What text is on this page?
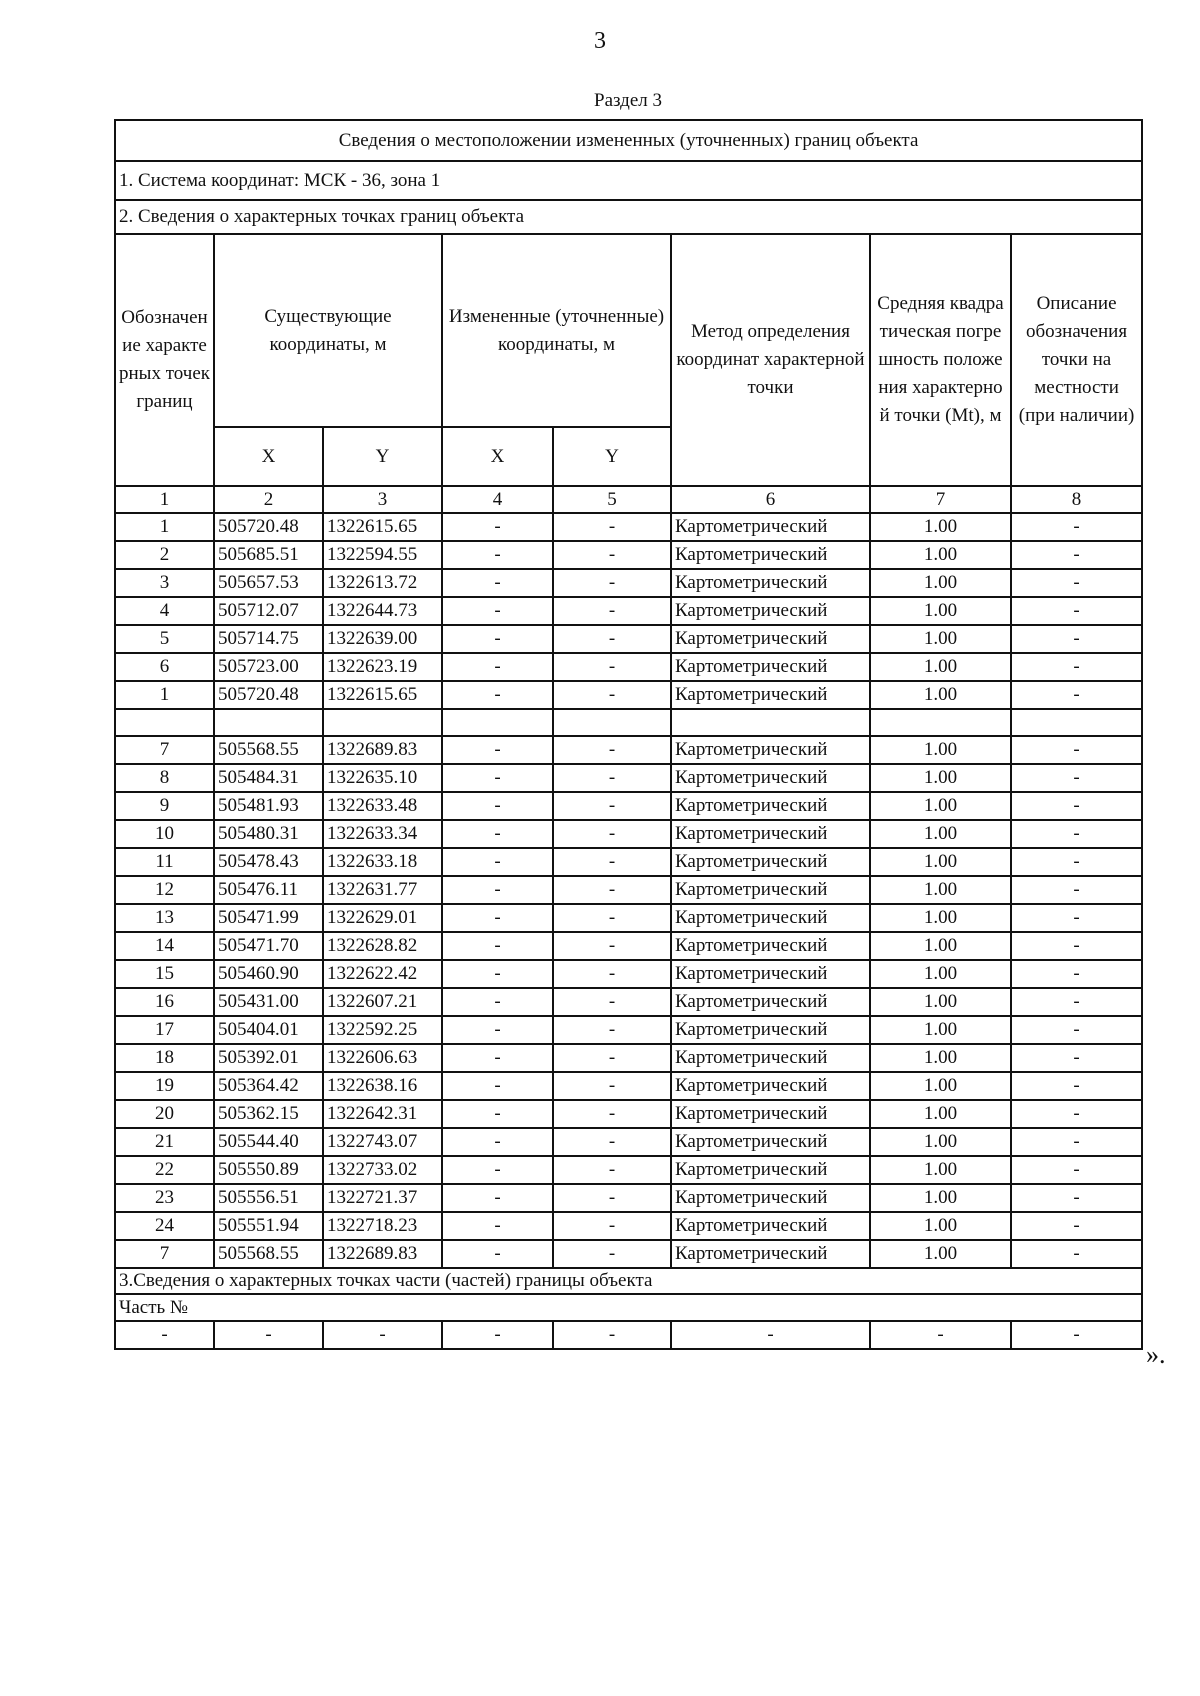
3
Раздел 3
Сведения о местоположении измененных (уточненных) границ объекта							
1. Система координат: МСК - 36, зона 1							
2. Сведения о характерных точках границ объекта							
Обозначение характерных точек границ	Существующие координаты, м		Измененные (уточненные) координаты, м		Метод определения координат характерной точки	Средняя квадратическая погрешность положения характерной точки (Mt), м	Описание обозначения точки на местности (при наличии)
	X	Y	X	Y			
1	2	3	4	5	6	7	8
1	505720.48	1322615.65	-	-	Картометрический	1.00	-
2	505685.51	1322594.55	-	-	Картометрический	1.00	-
3	505657.53	1322613.72	-	-	Картометрический	1.00	-
4	505712.07	1322644.73	-	-	Картометрический	1.00	-
5	505714.75	1322639.00	-	-	Картометрический	1.00	-
6	505723.00	1322623.19	-	-	Картометрический	1.00	-
1	505720.48	1322615.65	-	-	Картометрический	1.00	-

7	505568.55	1322689.83	-	-	Картометрический	1.00	-
8	505484.31	1322635.10	-	-	Картометрический	1.00	-
9	505481.93	1322633.48	-	-	Картометрический	1.00	-
10	505480.31	1322633.34	-	-	Картометрический	1.00	-
11	505478.43	1322633.18	-	-	Картометрический	1.00	-
12	505476.11	1322631.77	-	-	Картометрический	1.00	-
13	505471.99	1322629.01	-	-	Картометрический	1.00	-
14	505471.70	1322628.82	-	-	Картометрический	1.00	-
15	505460.90	1322622.42	-	-	Картометрический	1.00	-
16	505431.00	1322607.21	-	-	Картометрический	1.00	-
17	505404.01	1322592.25	-	-	Картометрический	1.00	-
18	505392.01	1322606.63	-	-	Картометрический	1.00	-
19	505364.42	1322638.16	-	-	Картометрический	1.00	-
20	505362.15	1322642.31	-	-	Картометрический	1.00	-
21	505544.40	1322743.07	-	-	Картометрический	1.00	-
22	505550.89	1322733.02	-	-	Картометрический	1.00	-
23	505556.51	1322721.37	-	-	Картометрический	1.00	-
24	505551.94	1322718.23	-	-	Картометрический	1.00	-
7	505568.55	1322689.83	-	-	Картометрический	1.00	-
3.Сведения о характерных точках части (частей) границы объекта							
Часть №							
-	-	-	-	-	-	-	-
».
